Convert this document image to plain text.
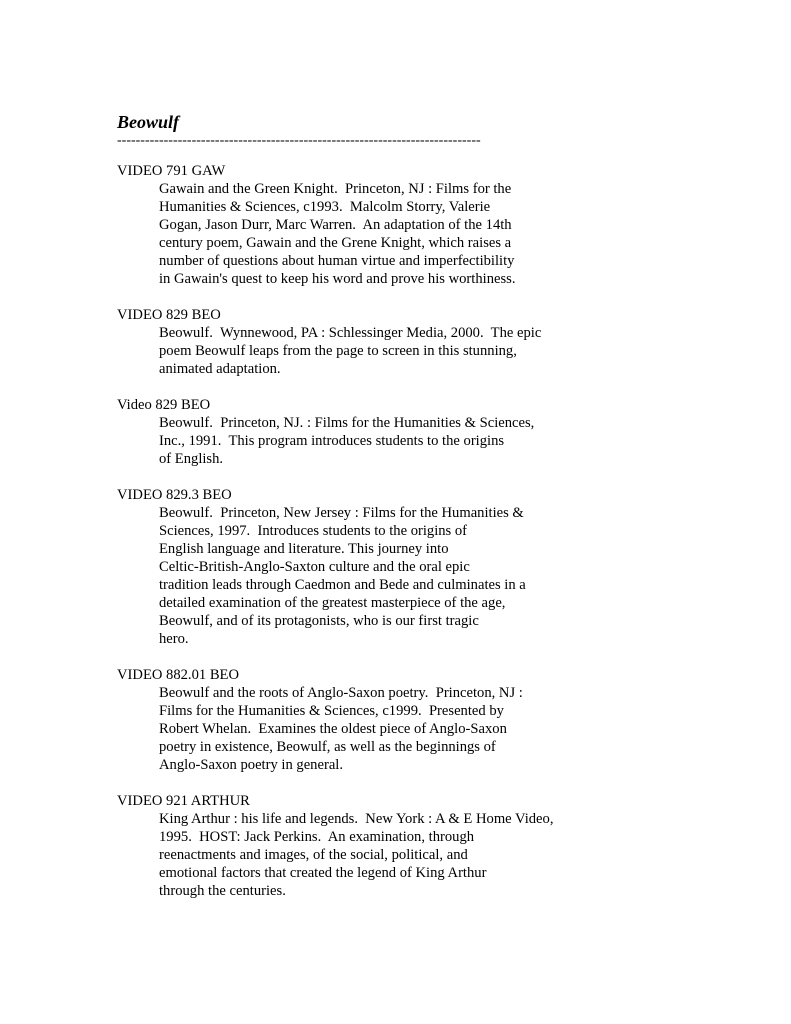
Beowulf
------------------------------------------------------------------------------
VIDEO 791 GAW
Gawain and the Green Knight.  Princeton, NJ : Films for the
Humanities & Sciences, c1993.  Malcolm Storry, Valerie
Gogan, Jason Durr, Marc Warren.  An adaptation of the 14th
century poem, Gawain and the Grene Knight, which raises a
number of questions about human virtue and imperfectibility
in Gawain's quest to keep his word and prove his worthiness.
VIDEO 829 BEO
Beowulf.  Wynnewood, PA : Schlessinger Media, 2000.  The epic
poem Beowulf leaps from the page to screen in this stunning,
animated adaptation.
Video 829 BEO
Beowulf.  Princeton, NJ. : Films for the Humanities & Sciences,
Inc., 1991.  This program introduces students to the origins
of English.
VIDEO 829.3 BEO
Beowulf.  Princeton, New Jersey : Films for the Humanities &
Sciences, 1997.  Introduces students to the origins of
English language and literature. This journey into
Celtic-British-Anglo-Saxton culture and the oral epic
tradition leads through Caedmon and Bede and culminates in a
detailed examination of the greatest masterpiece of the age,
Beowulf, and of its protagonists, who is our first tragic
hero.
VIDEO 882.01 BEO
Beowulf and the roots of Anglo-Saxon poetry.  Princeton, NJ :
Films for the Humanities & Sciences, c1999.  Presented by
Robert Whelan.  Examines the oldest piece of Anglo-Saxon
poetry in existence, Beowulf, as well as the beginnings of
Anglo-Saxon poetry in general.
VIDEO 921 ARTHUR
King Arthur : his life and legends.  New York : A & E Home Video,
1995.  HOST: Jack Perkins.  An examination, through
reenactments and images, of the social, political, and
emotional factors that created the legend of King Arthur
through the centuries.
